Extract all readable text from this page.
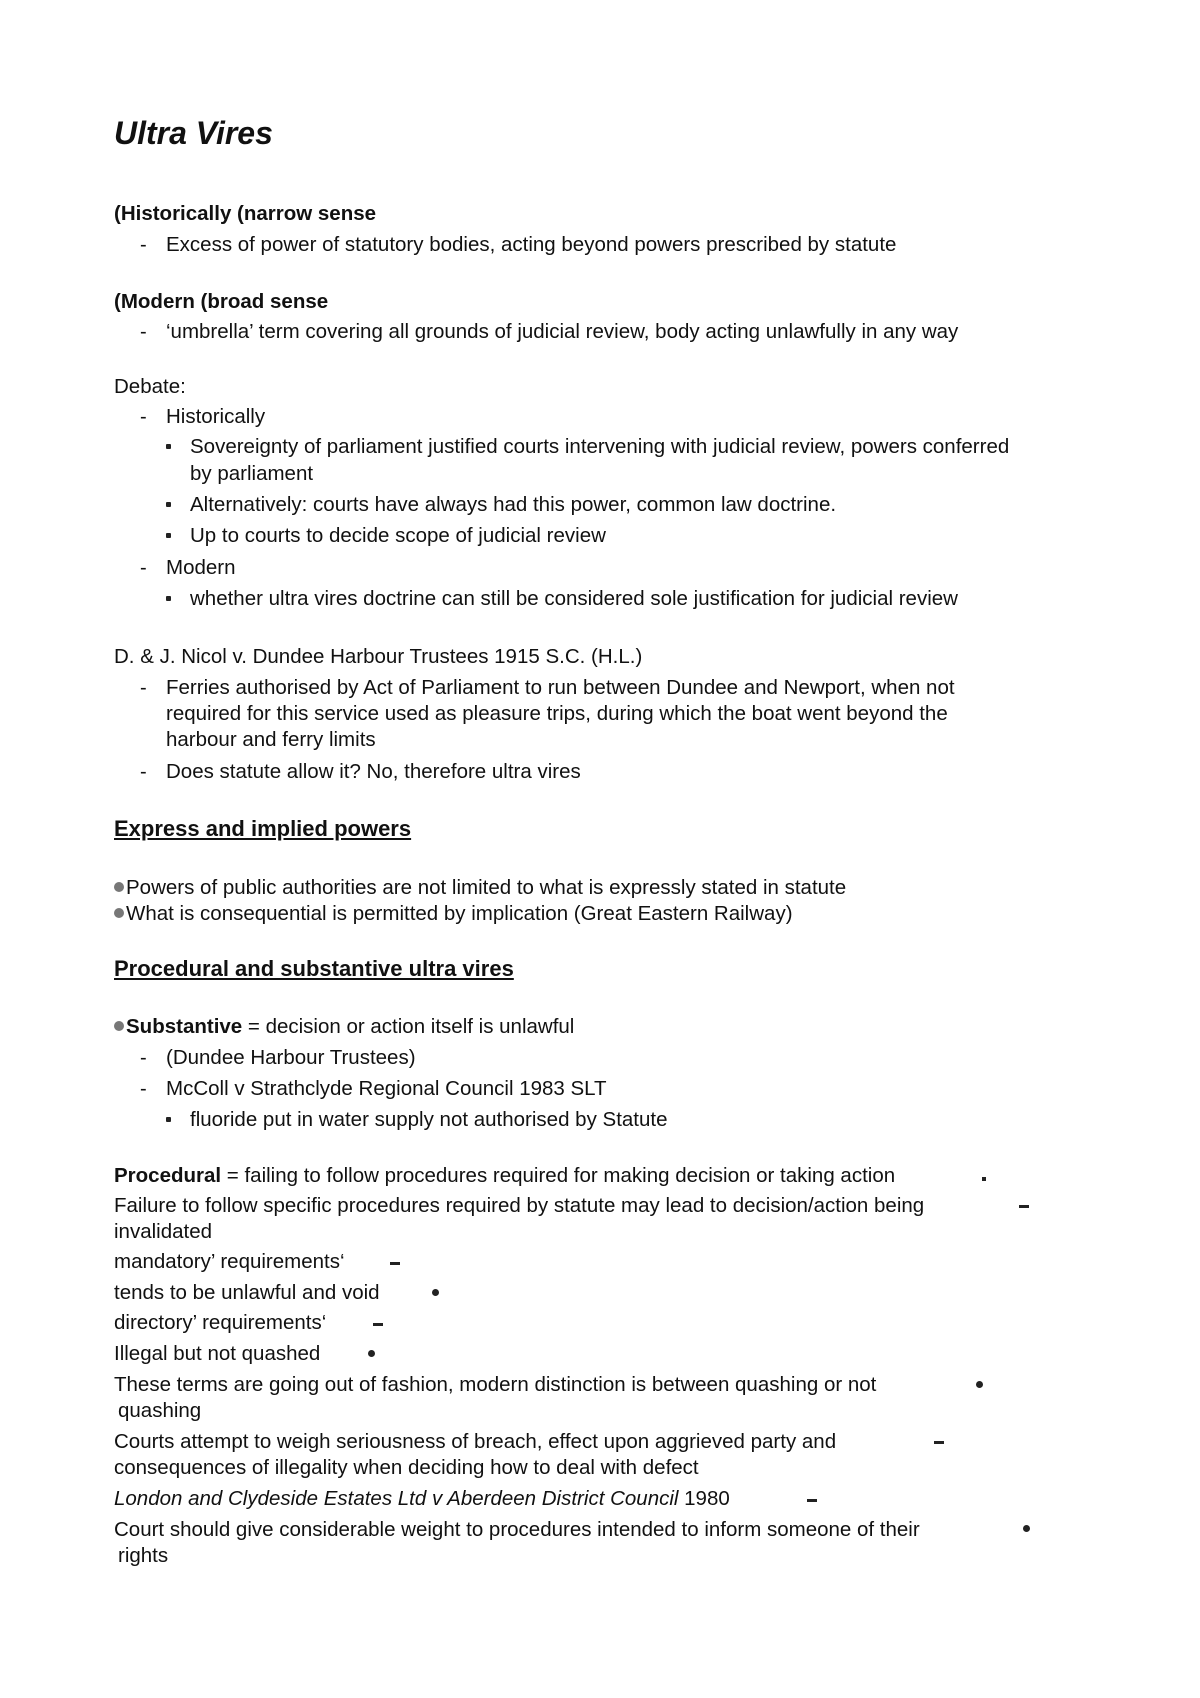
Ultra Vires
(Historically (narrow sense
- Excess of power of statutory bodies, acting beyond powers prescribed by statute
(Modern (broad sense
- ‘umbrella’ term covering all grounds of judicial review, body acting unlawfully in any way
Debate:
- Historically
Sovereignty of parliament justified courts intervening with judicial review, powers conferred
by parliament
Alternatively: courts have always had this power, common law doctrine.
Up to courts to decide scope of judicial review
- Modern
whether ultra vires doctrine can still be considered sole justification for judicial review
D. & J. Nicol v. Dundee Harbour Trustees 1915 S.C. (H.L.)
- Ferries authorised by Act of Parliament to run between Dundee and Newport, when not
required for this service used as pleasure trips, during which the boat went beyond the
harbour and ferry limits
- Does statute allow it? No, therefore ultra vires
Express and implied powers
Powers of public authorities are not limited to what is expressly stated in statute
What is consequential is permitted by implication (Great Eastern Railway)
Procedural and substantive ultra vires
Substantive = decision or action itself is unlawful
- (Dundee Harbour Trustees)
- McColl v Strathclyde Regional Council 1983 SLT
fluoride put in water supply not authorised by Statute
Procedural = failing to follow procedures required for making decision or taking action
Failure to follow specific procedures required by statute may lead to decision/action being
invalidated
mandatory’ requirements‘
tends to be unlawful and void
directory’ requirements‘
Illegal but not quashed
These terms are going out of fashion, modern distinction is between quashing or not
quashing
Courts attempt to weigh seriousness of breach, effect upon aggrieved party and
consequences of illegality when deciding how to deal with defect
London and Clydeside Estates Ltd v Aberdeen District Council 1980
Court should give considerable weight to procedures intended to inform someone of their
rights
